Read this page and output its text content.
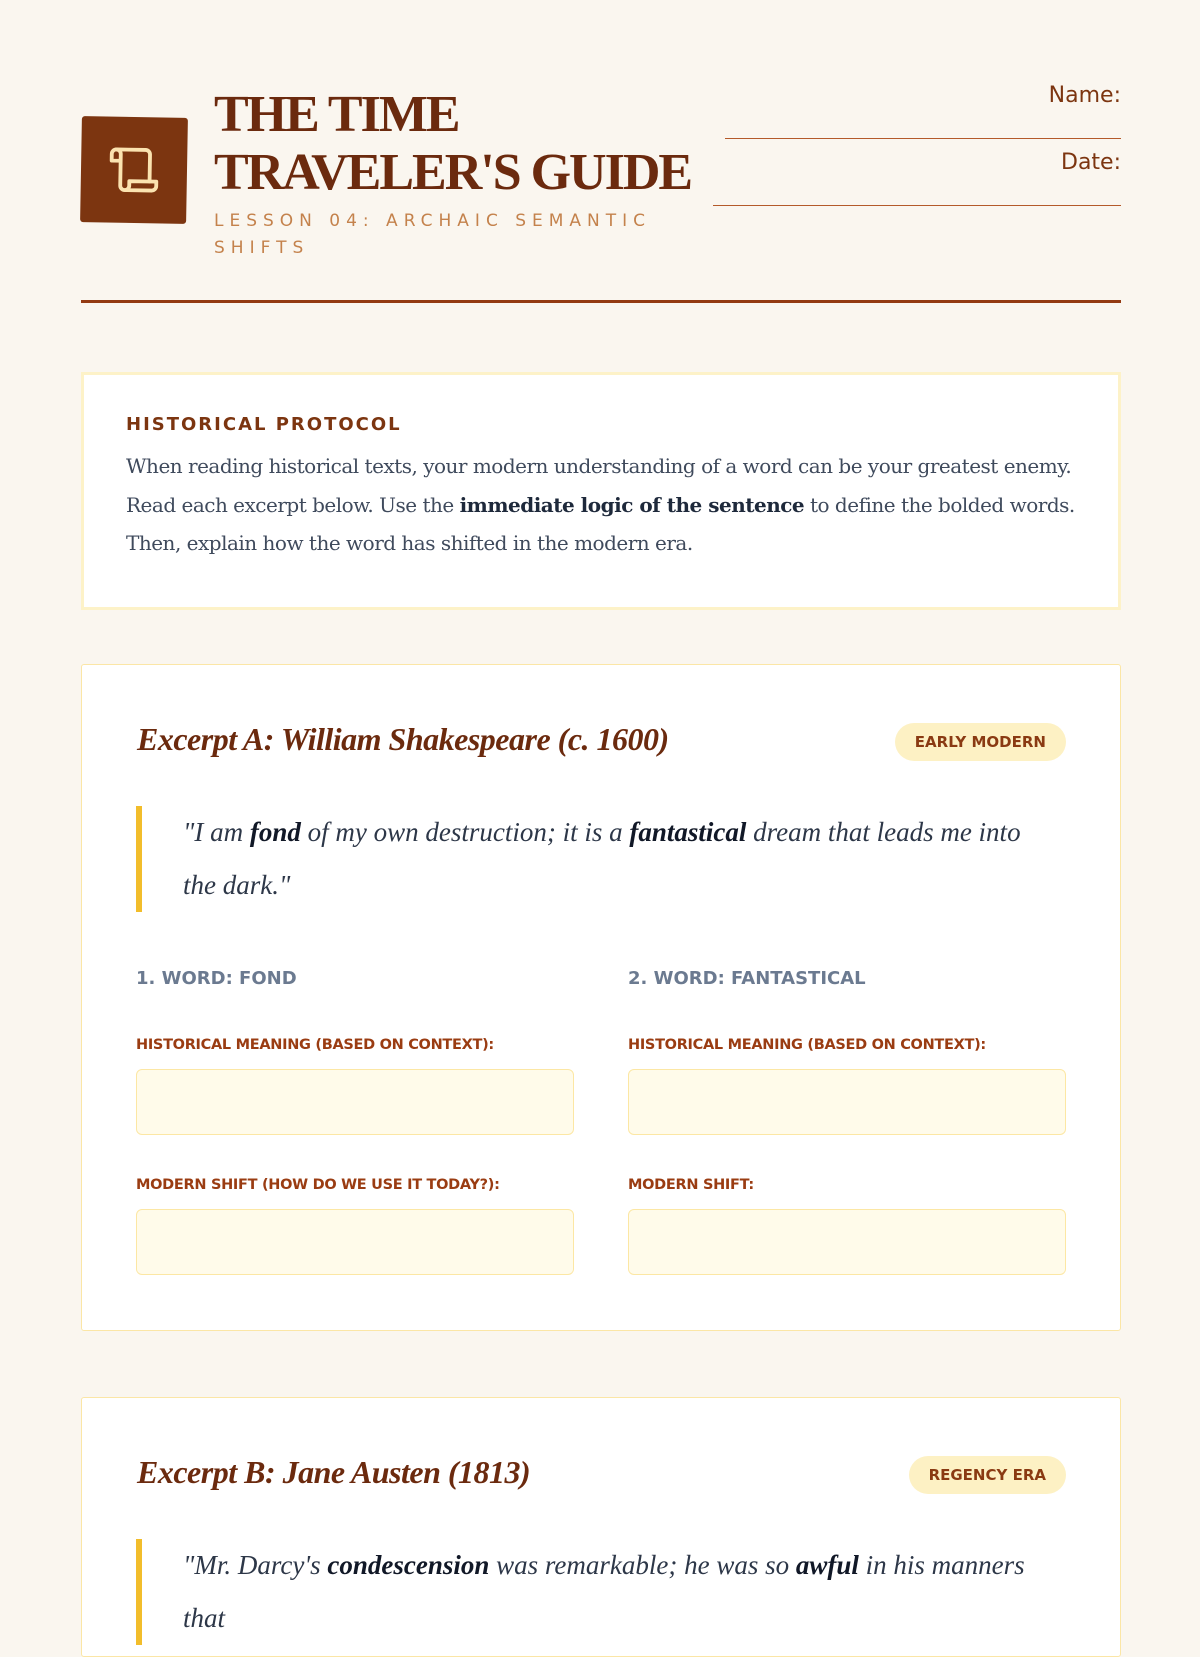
THE TIME TRAVELER'S GUIDE
LESSON 04: ARCHAIC SEMANTIC SHIFTS
Name:
Date:
HISTORICAL PROTOCOL

When reading historical texts, your modern understanding of a word can be your greatest enemy. Read each excerpt below. Use the immediate logic of the sentence to define the bolded words. Then, explain how the word has shifted in the modern era.

Excerpt A: William Shakespeare (c. 1600)	EARLY MODERN
"I am fond of my own destruction; it is a fantastical dream that leads me into the dark."
1. WORD: FOND
HISTORICAL MEANING (BASED ON CONTEXT):
MODERN SHIFT (HOW DO WE USE IT TODAY?):
2. WORD: FANTASTICAL
HISTORICAL MEANING (BASED ON CONTEXT):
MODERN SHIFT:
Excerpt B: Jane Austen (1813)	REGENCY ERA
"Mr. Darcy's condescension was remarkable; he was so awful in his manners that
